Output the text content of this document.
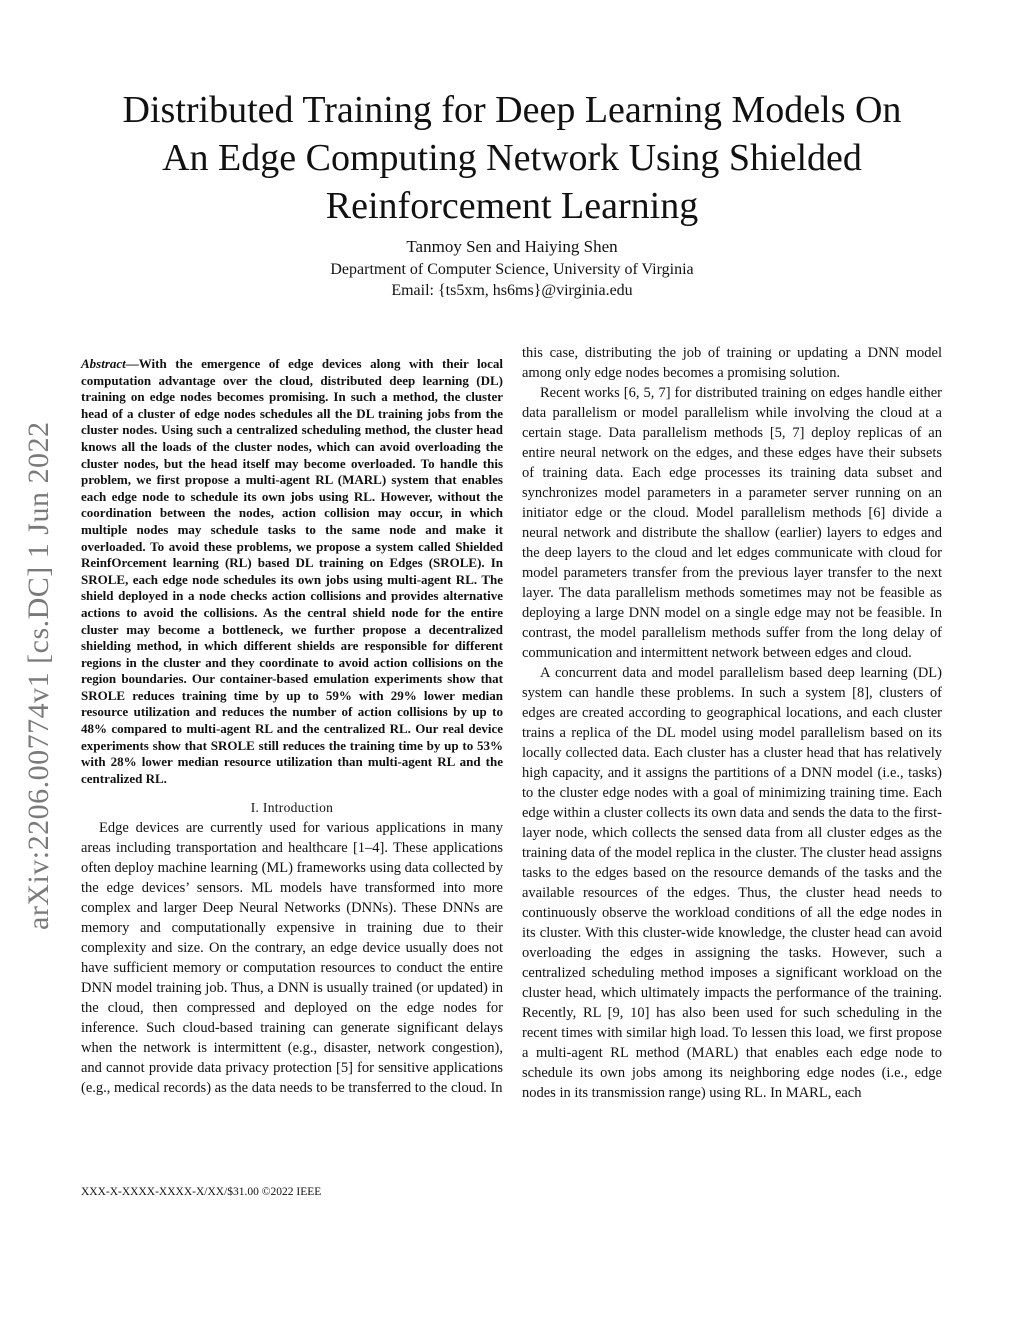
Distributed Training for Deep Learning Models On
An Edge Computing Network Using Shielded
Reinforcement Learning
Tanmoy Sen and Haiying Shen
Department of Computer Science, University of Virginia
Email: {ts5xm, hs6ms}@virginia.edu
arXiv:2206.00774v1 [cs.DC] 1 Jun 2022

Abstract—With the emergence of edge devices along with their local computation advantage over the cloud, distributed deep learning (DL) training on edge nodes becomes promising. In such a method, the cluster head of a cluster of edge nodes schedules all the DL training jobs from the cluster nodes. Using such a centralized scheduling method, the cluster head knows all the loads of the cluster nodes, which can avoid overloading the cluster nodes, but the head itself may become overloaded. To handle this problem, we first propose a multi-agent RL (MARL) system that enables each edge node to schedule its own jobs using RL. However, without the coordination between the nodes, action collision may occur, in which multiple nodes may schedule tasks to the same node and make it overloaded. To avoid these problems, we propose a system called Shielded ReinfOrcement learning (RL) based DL training on Edges (SROLE). In SROLE, each edge node schedules its own jobs using multi-agent RL. The shield deployed in a node checks action collisions and provides alternative actions to avoid the collisions. As the central shield node for the entire cluster may become a bottleneck, we further propose a decentralized shielding method, in which different shields are responsible for different regions in the cluster and they coordinate to avoid action collisions on the region boundaries. Our container-based emulation experiments show that SROLE reduces training time by up to 59% with 29% lower median resource utilization and reduces the number of action collisions by up to 48% compared to multi-agent RL and the centralized RL. Our real device experiments show that SROLE still reduces the training time by up to 53% with 28% lower median resource utilization than multi-agent RL and the centralized RL.

I. Introduction

Edge devices are currently used for various applications in many areas including transportation and healthcare [1–4]. These applications often deploy machine learning (ML) frameworks using data collected by the edge devices’ sensors. ML models have transformed into more complex and larger Deep Neural Networks (DNNs). These DNNs are memory and computationally expensive in training due to their complexity and size. On the contrary, an edge device usually does not have sufficient memory or computation resources to conduct the entire DNN model training job. Thus, a DNN is usually trained (or updated) in the cloud, then compressed and deployed on the edge nodes for inference. Such cloud-based training can generate significant delays when the network is intermittent (e.g., disaster, network congestion), and cannot provide data privacy protection [5] for sensitive applications (e.g., medical records) as the data needs to be transferred to the cloud. In

this case, distributing the job of training or updating a DNN model among only edge nodes becomes a promising solution.

Recent works [6, 5, 7] for distributed training on edges handle either data parallelism or model parallelism while involving the cloud at a certain stage. Data parallelism methods [5, 7] deploy replicas of an entire neural network on the edges, and these edges have their subsets of training data. Each edge processes its training data subset and synchronizes model parameters in a parameter server running on an initiator edge or the cloud. Model parallelism methods [6] divide a neural network and distribute the shallow (earlier) layers to edges and the deep layers to the cloud and let edges communicate with cloud for model parameters transfer from the previous layer transfer to the next layer. The data parallelism methods sometimes may not be feasible as deploying a large DNN model on a single edge may not be feasible. In contrast, the model parallelism methods suffer from the long delay of communication and intermittent network between edges and cloud.

A concurrent data and model parallelism based deep learning (DL) system can handle these problems. In such a system [8], clusters of edges are created according to geographical locations, and each cluster trains a replica of the DL model using model parallelism based on its locally collected data. Each cluster has a cluster head that has relatively high capacity, and it assigns the partitions of a DNN model (i.e., tasks) to the cluster edge nodes with a goal of minimizing training time. Each edge within a cluster collects its own data and sends the data to the first-layer node, which collects the sensed data from all cluster edges as the training data of the model replica in the cluster. The cluster head assigns tasks to the edges based on the resource demands of the tasks and the available resources of the edges. Thus, the cluster head needs to continuously observe the workload conditions of all the edge nodes in its cluster. With this cluster-wide knowledge, the cluster head can avoid overloading the edges in assigning the tasks. However, such a centralized scheduling method imposes a significant workload on the cluster head, which ultimately impacts the performance of the training. Recently, RL [9, 10] has also been used for such scheduling in the recent times with similar high load. To lessen this load, we first propose a multi-agent RL method (MARL) that enables each edge node to schedule its own jobs among its neighboring edge nodes (i.e., edge nodes in its transmission range) using RL. In MARL, each

XXX-X-XXXX-XXXX-X/XX/$31.00 ©2022 IEEE
